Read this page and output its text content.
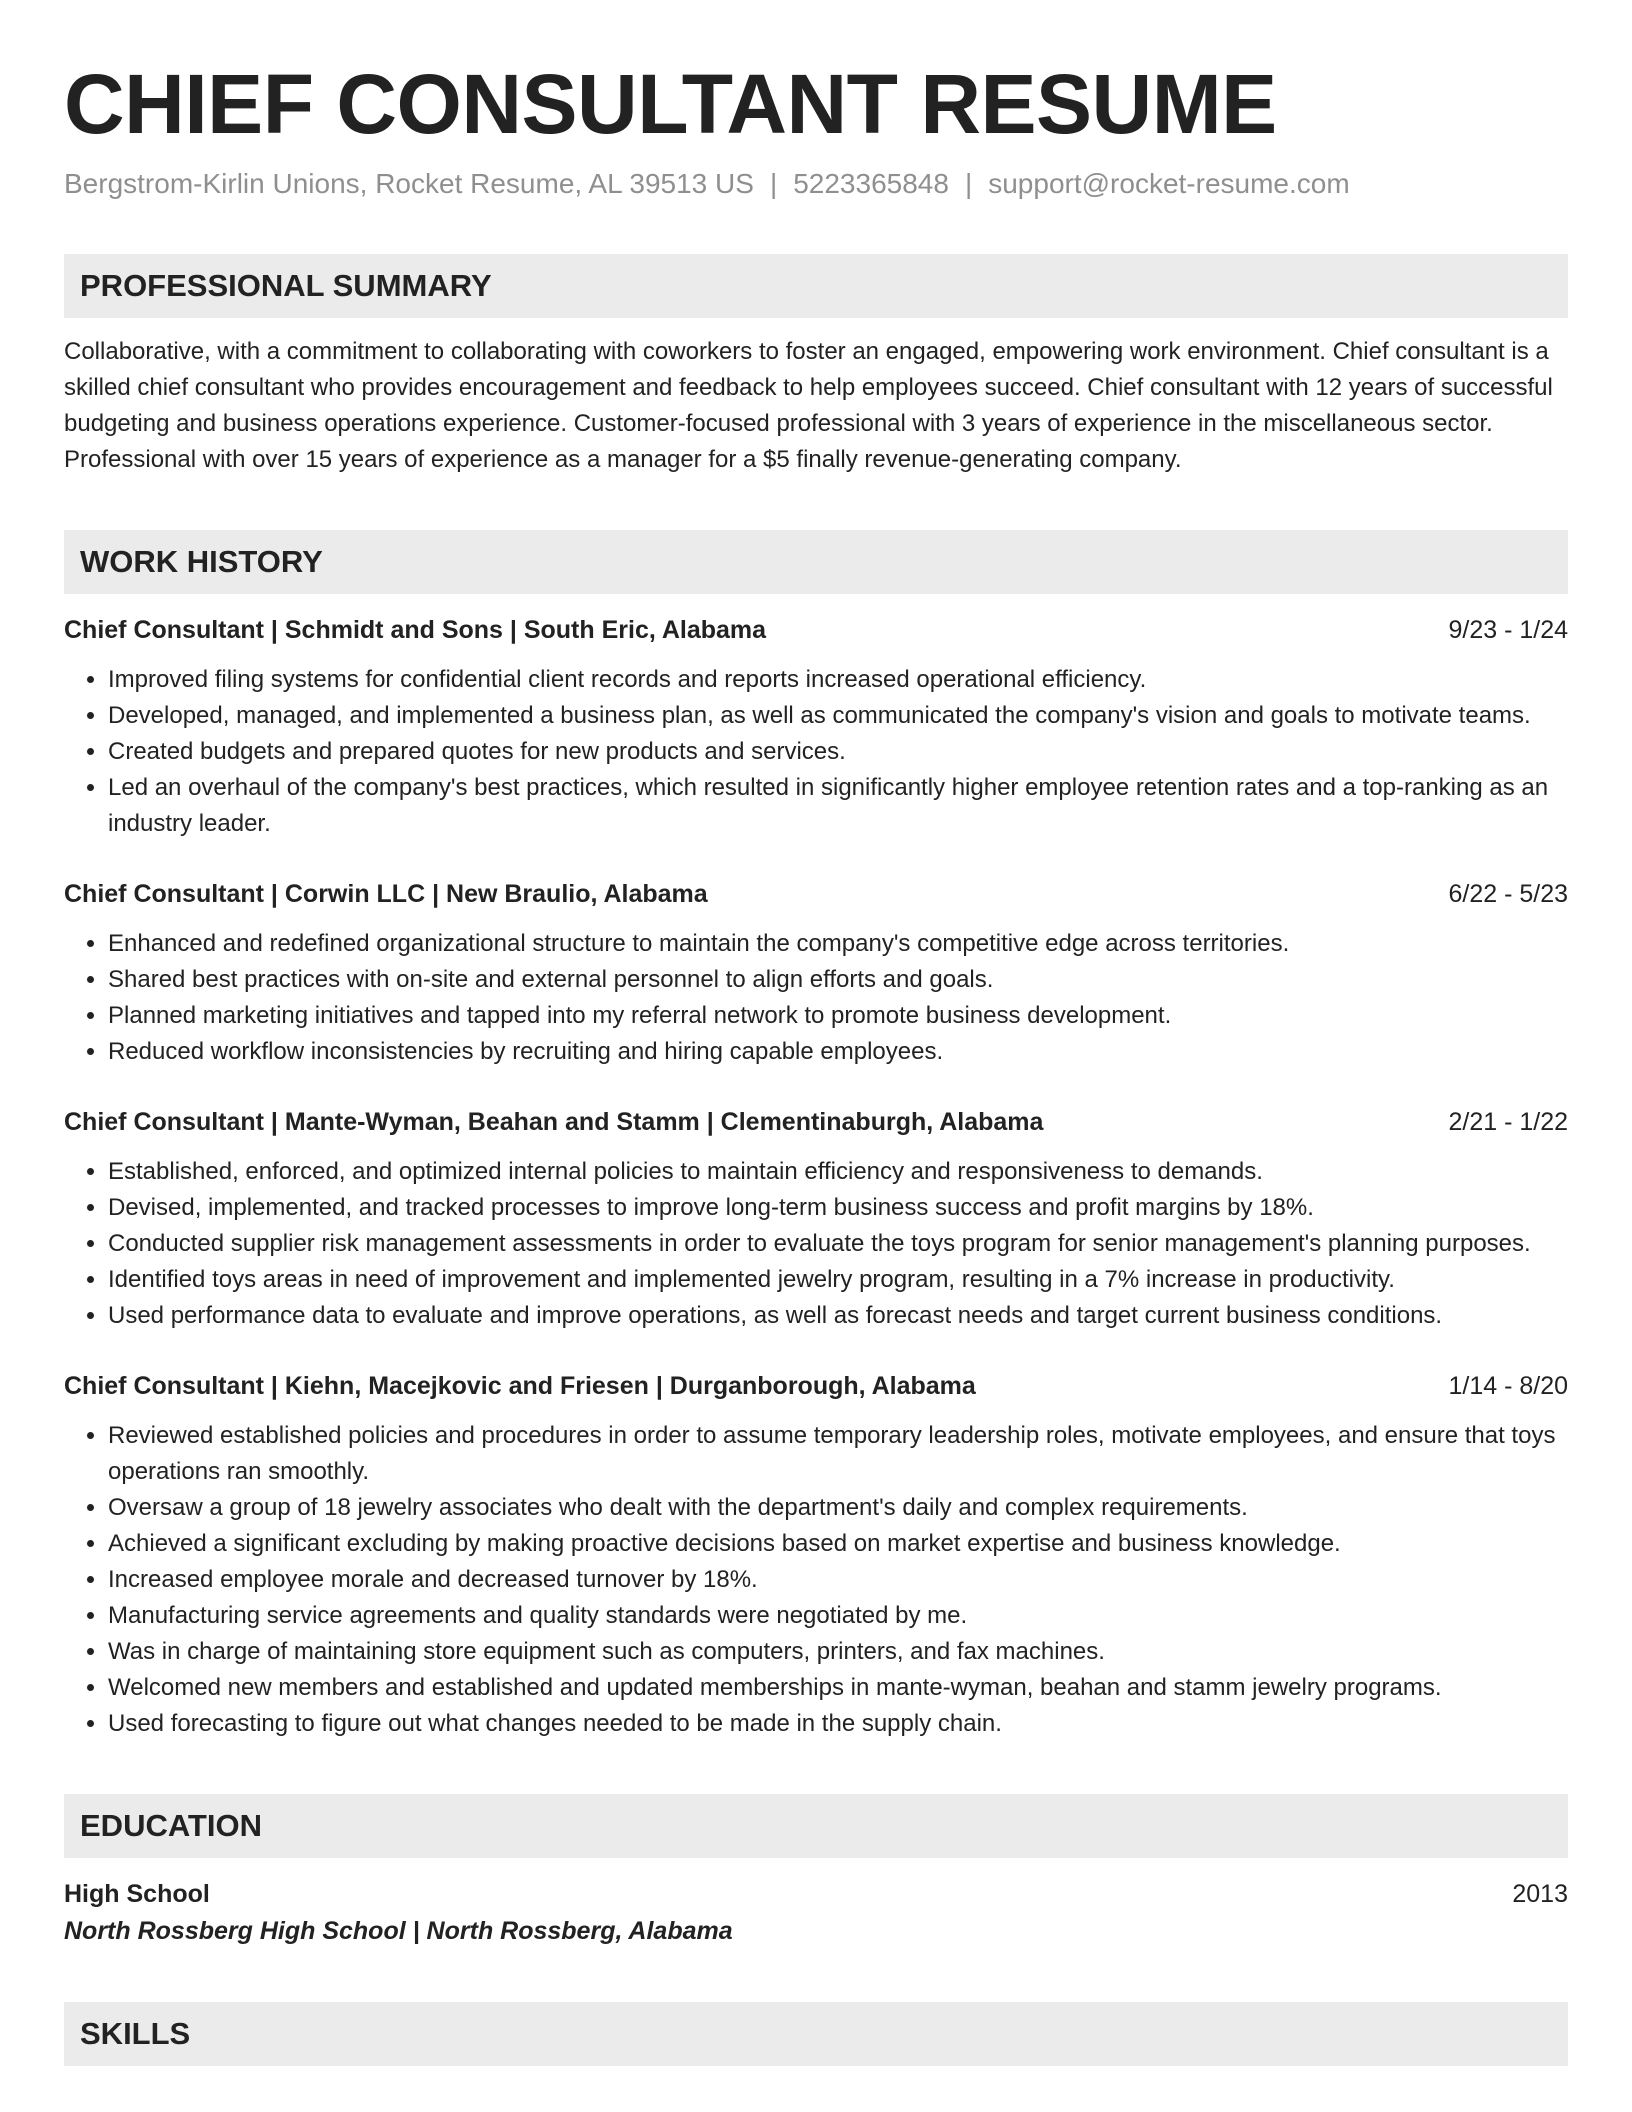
CHIEF CONSULTANT RESUME
Bergstrom-Kirlin Unions, Rocket Resume, AL 39513 US | 5223365848 | support@rocket-resume.com
PROFESSIONAL SUMMARY

Collaborative, with a commitment to collaborating with coworkers to foster an engaged, empowering work environment. Chief consultant is a skilled chief consultant who provides encouragement and feedback to help employees succeed. Chief consultant with 12 years of successful budgeting and business operations experience. Customer-focused professional with 3 years of experience in the miscellaneous sector. Professional with over 15 years of experience as a manager for a $5 finally revenue-generating company.

WORK HISTORY
Chief Consultant | Schmidt and Sons | South Eric, Alabama	9/23 - 1/24
• Improved filing systems for confidential client records and reports increased operational efficiency.
• Developed, managed, and implemented a business plan, as well as communicated the company's vision and goals to motivate teams.
• Created budgets and prepared quotes for new products and services.
• Led an overhaul of the company's best practices, which resulted in significantly higher employee retention rates and a top-ranking as an industry leader.
Chief Consultant | Corwin LLC | New Braulio, Alabama	6/22 - 5/23
• Enhanced and redefined organizational structure to maintain the company's competitive edge across territories.
• Shared best practices with on-site and external personnel to align efforts and goals.
• Planned marketing initiatives and tapped into my referral network to promote business development.
• Reduced workflow inconsistencies by recruiting and hiring capable employees.
Chief Consultant | Mante-Wyman, Beahan and Stamm | Clementinaburgh, Alabama	2/21 - 1/22
• Established, enforced, and optimized internal policies to maintain efficiency and responsiveness to demands.
• Devised, implemented, and tracked processes to improve long-term business success and profit margins by 18%.
• Conducted supplier risk management assessments in order to evaluate the toys program for senior management's planning purposes.
• Identified toys areas in need of improvement and implemented jewelry program, resulting in a 7% increase in productivity.
• Used performance data to evaluate and improve operations, as well as forecast needs and target current business conditions.
Chief Consultant | Kiehn, Macejkovic and Friesen | Durganborough, Alabama	1/14 - 8/20
• Reviewed established policies and procedures in order to assume temporary leadership roles, motivate employees, and ensure that toys operations ran smoothly.
• Oversaw a group of 18 jewelry associates who dealt with the department's daily and complex requirements.
• Achieved a significant excluding by making proactive decisions based on market expertise and business knowledge.
• Increased employee morale and decreased turnover by 18%.
• Manufacturing service agreements and quality standards were negotiated by me.
• Was in charge of maintaining store equipment such as computers, printers, and fax machines.
• Welcomed new members and established and updated memberships in mante-wyman, beahan and stamm jewelry programs.
• Used forecasting to figure out what changes needed to be made in the supply chain.
EDUCATION
High School	2013
North Rossberg High School | North Rossberg, Alabama
SKILLS
